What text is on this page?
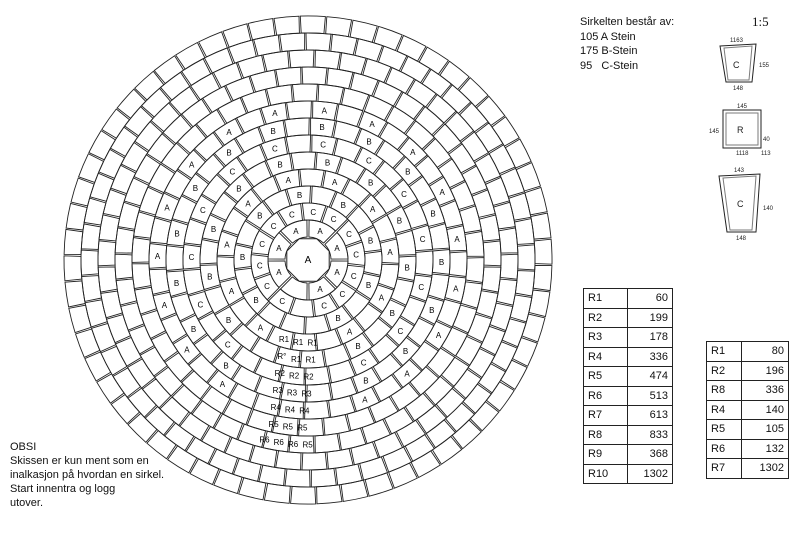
A
A
A
A
A
A A
A
C
C
C
C
C
C
C
C
C C
C
C
C
B
B
B
B
B
B
B
B
A
A
A
A
A
A
A	A
A
A
B
B
B
B
B
B
B	B
B
B
B
C
C
C
C
C
C
C
C	C
C
C
C
C
B
B
B
B
B
B
B
B
B	B
B
B
B
B
B
A
A
A
A
A
A
A
A
A
A	A
A
A
A
A
A
A
R1
R1
R1
R1
R1
R°
R2
R2
R2
R3
R3
R3
R4
R4
R4
R5
R5
R5
R5
R6
R6
R6
C
1163
155
148
R
145
145
40
1118 113
C
143
140
148
Sirkelten består av:
105 A Stein
175 B-Stein
95   C-Stein
1:5
OBSI
Skissen er kun ment som en
inalkasjon på hvordan en sirkel.
Start innentra og logg
utover.
R1	60
R2	199
R3	178
R4	336
R5	474
R6	513
R7	613
R8	833
R9	368
R10	1302
R1	80
R2	196
R8	336
R4	140
R5	105
R6	132
R7	1302
